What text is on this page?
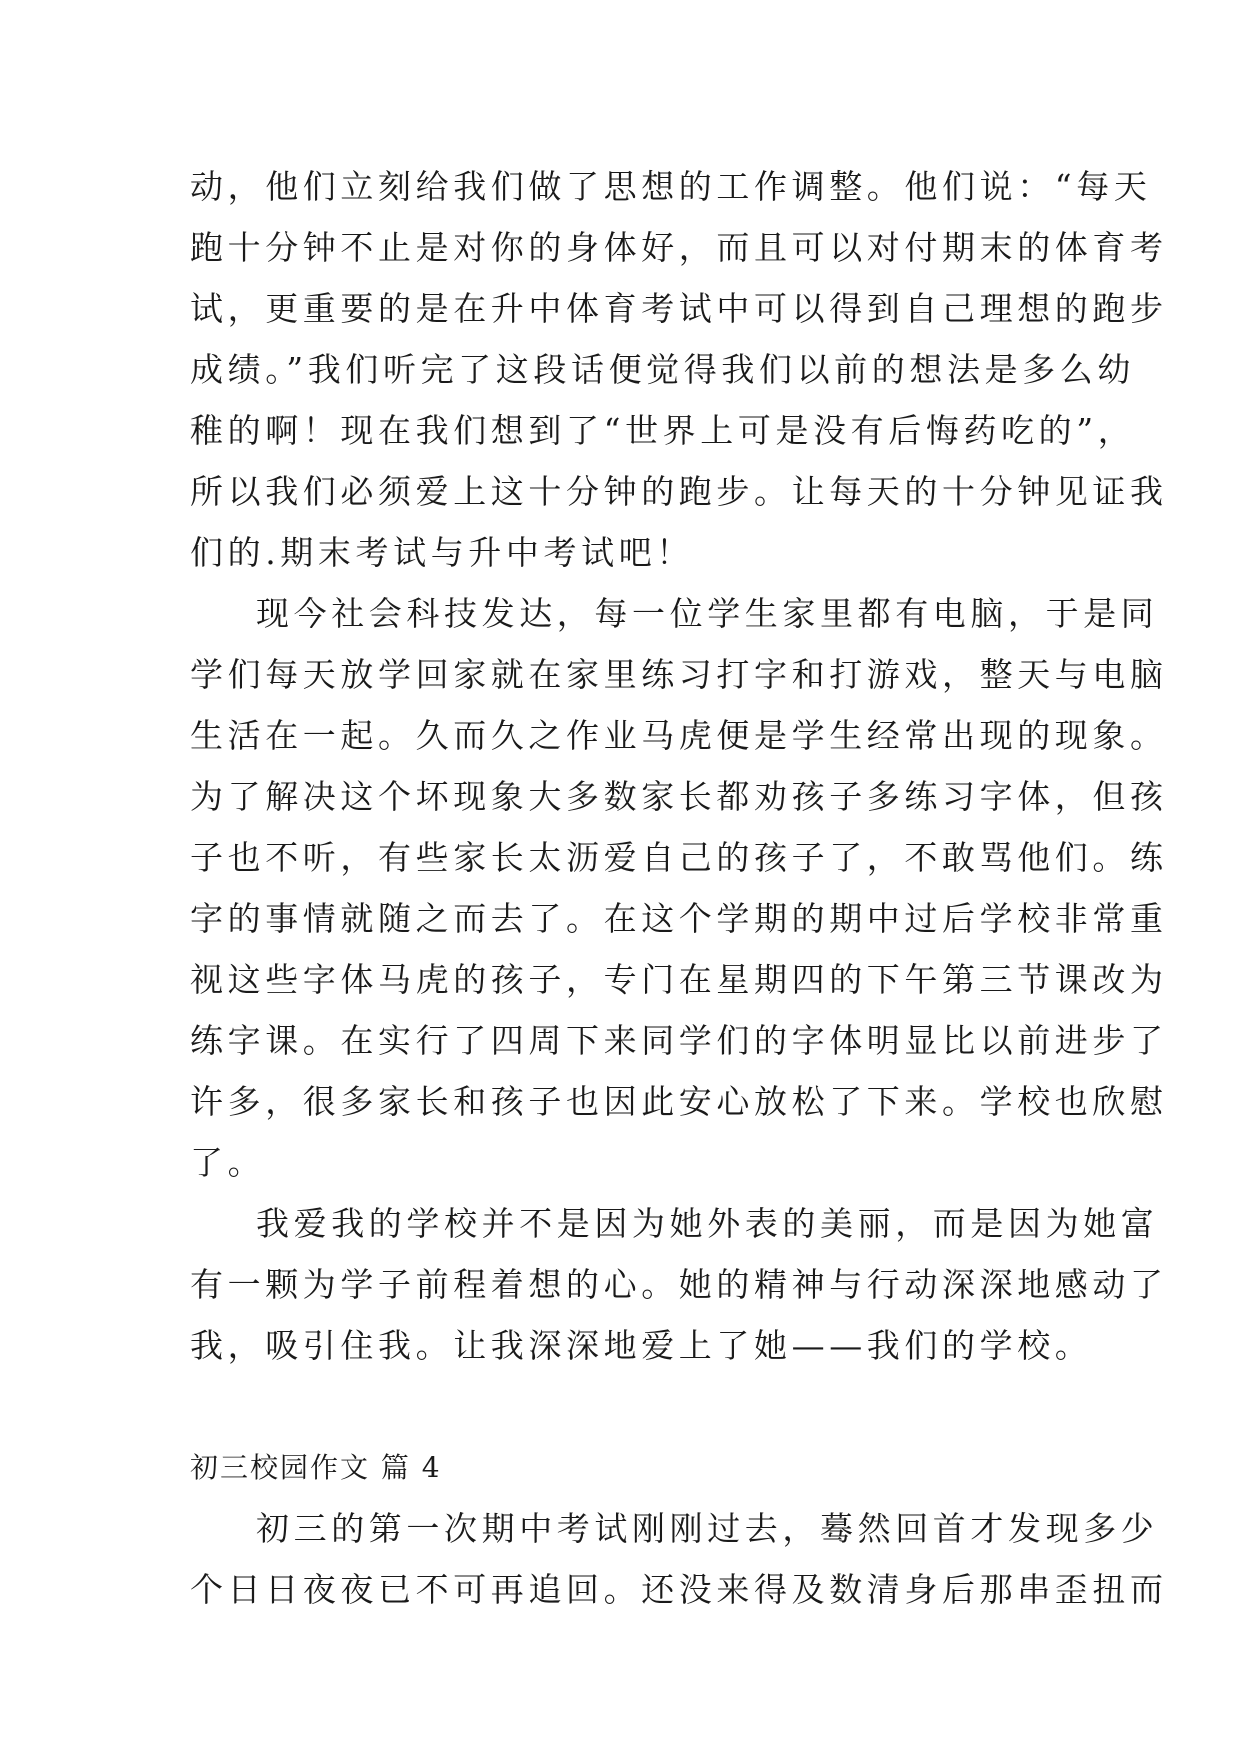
动，他们立刻给我们做了思想的工作调整。他们说：“每天
跑十分钟不止是对你的身体好，而且可以对付期末的体育考
试，更重要的是在升中体育考试中可以得到自己理想的跑步
成绩。”我们听完了这段话便觉得我们以前的想法是多么幼
稚的啊！现在我们想到了“世界上可是没有后悔药吃的”，
所以我们必须爱上这十分钟的跑步。让每天的十分钟见证我
们的.期末考试与升中考试吧！
现今社会科技发达，每一位学生家里都有电脑，于是同
学们每天放学回家就在家里练习打字和打游戏，整天与电脑
生活在一起。久而久之作业马虎便是学生经常出现的现象。
为了解决这个坏现象大多数家长都劝孩子多练习字体，但孩
子也不听，有些家长太沥爱自己的孩子了，不敢骂他们。练
字的事情就随之而去了。在这个学期的期中过后学校非常重
视这些字体马虎的孩子，专门在星期四的下午第三节课改为
练字课。在实行了四周下来同学们的字体明显比以前进步了
许多，很多家长和孩子也因此安心放松了下来。学校也欣慰
了。
我爱我的学校并不是因为她外表的美丽，而是因为她富
有一颗为学子前程着想的心。她的精神与行动深深地感动了
我，吸引住我。让我深深地爱上了她——我们的学校。
初三校园作文 篇 4
初三的第一次期中考试刚刚过去，蓦然回首才发现多少
个日日夜夜已不可再追回。还没来得及数清身后那串歪扭而
